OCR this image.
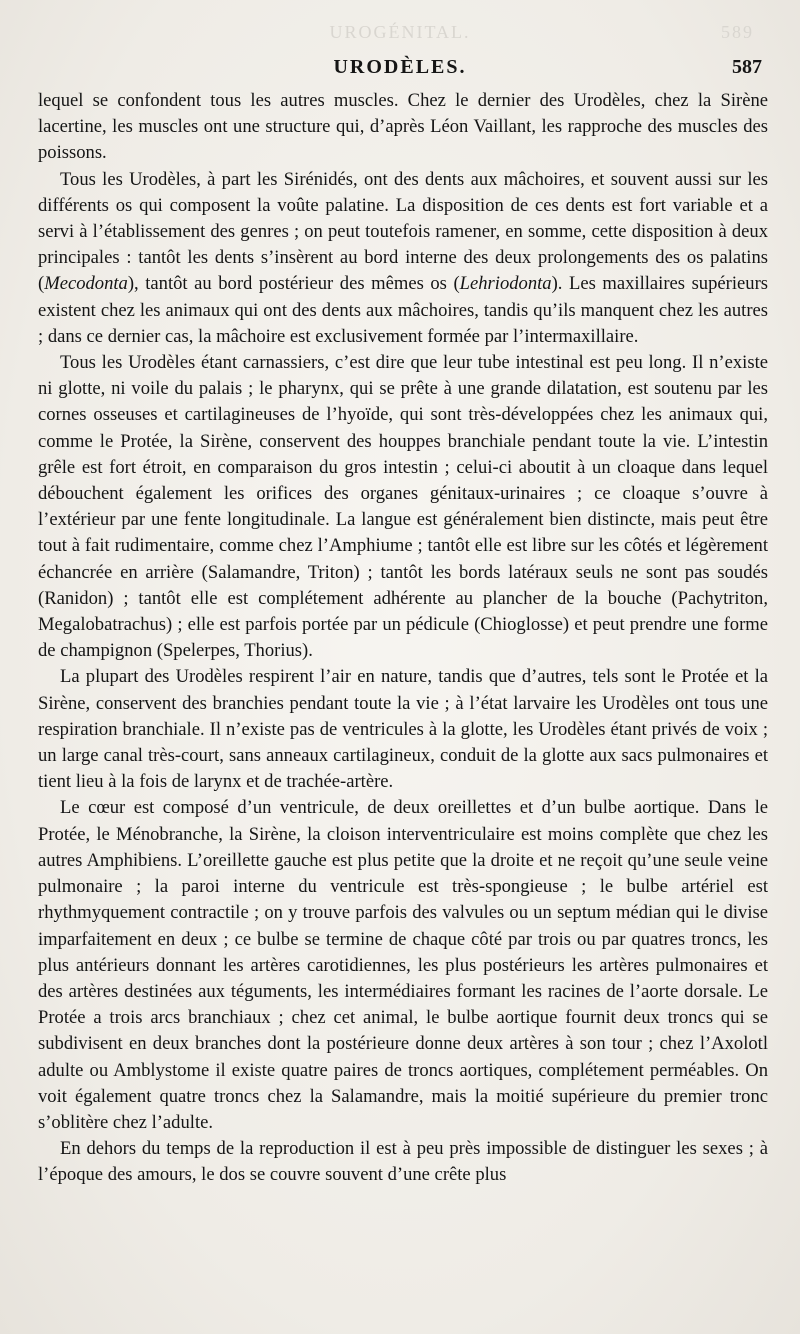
UROGÉNITAL.	589
URODÈLES.	587

lequel se confondent tous les autres muscles. Chez le dernier des Urodèles, chez la Sirène lacertine, les muscles ont une structure qui, d’après Léon Vaillant, les rapproche des muscles des poissons.

Tous les Urodèles, à part les Sirénidés, ont des dents aux mâchoires, et souvent aussi sur les différents os qui composent la voûte palatine. La disposition de ces dents est fort variable et a servi à l’établissement des genres ; on peut toutefois ramener, en somme, cette disposition à deux principales : tantôt les dents s’insèrent au bord interne des deux prolongements des os palatins (Mecodonta), tantôt au bord postérieur des mêmes os (Lehriodonta). Les maxillaires supérieurs existent chez les animaux qui ont des dents aux mâchoires, tandis qu’ils manquent chez les autres ; dans ce dernier cas, la mâchoire est exclusivement formée par l’intermaxillaire.

Tous les Urodèles étant carnassiers, c’est dire que leur tube intestinal est peu long. Il n’existe ni glotte, ni voile du palais ; le pharynx, qui se prête à une grande dilatation, est soutenu par les cornes osseuses et cartilagineuses de l’hyoïde, qui sont très-développées chez les animaux qui, comme le Protée, la Sirène, conservent des houppes branchiale pendant toute la vie. L’intestin grêle est fort étroit, en comparaison du gros intestin ; celui-ci aboutit à un cloaque dans lequel débouchent également les orifices des organes génitaux-urinaires ; ce cloaque s’ouvre à l’extérieur par une fente longitudinale. La langue est généralement bien distincte, mais peut être tout à fait rudimentaire, comme chez l’Amphiume ; tantôt elle est libre sur les côtés et légèrement échancrée en arrière (Salamandre, Triton) ; tantôt les bords latéraux seuls ne sont pas soudés (Ranidon) ; tantôt elle est complétement adhérente au plancher de la bouche (Pachytriton, Megalobatrachus) ; elle est parfois portée par un pédicule (Chioglosse) et peut prendre une forme de champignon (Spelerpes, Thorius).

La plupart des Urodèles respirent l’air en nature, tandis que d’autres, tels sont le Protée et la Sirène, conservent des branchies pendant toute la vie ; à l’état larvaire les Urodèles ont tous une respiration branchiale. Il n’existe pas de ventricules à la glotte, les Urodèles étant privés de voix ; un large canal très-court, sans anneaux cartilagineux, conduit de la glotte aux sacs pulmonaires et tient lieu à la fois de larynx et de trachée-artère.

Le cœur est composé d’un ventricule, de deux oreillettes et d’un bulbe aortique. Dans le Protée, le Ménobranche, la Sirène, la cloison interventriculaire est moins complète que chez les autres Amphibiens. L’oreillette gauche est plus petite que la droite et ne reçoit qu’une seule veine pulmonaire ; la paroi interne du ventricule est très-spongieuse ; le bulbe artériel est rhythmyquement contractile ; on y trouve parfois des valvules ou un septum médian qui le divise imparfaitement en deux ; ce bulbe se termine de chaque côté par trois ou par quatres troncs, les plus antérieurs donnant les artères carotidiennes, les plus postérieurs les artères pulmonaires et des artères destinées aux téguments, les intermédiaires formant les racines de l’aorte dorsale. Le Protée a trois arcs branchiaux ; chez cet animal, le bulbe aortique fournit deux troncs qui se subdivisent en deux branches dont la postérieure donne deux artères à son tour ; chez l’Axolotl adulte ou Amblystome il existe quatre paires de troncs aortiques, complétement perméables. On voit également quatre troncs chez la Salamandre, mais la moitié supérieure du premier tronc s’oblitère chez l’adulte.

En dehors du temps de la reproduction il est à peu près impossible de distinguer les sexes ; à l’époque des amours, le dos se couvre souvent d’une crête plus
